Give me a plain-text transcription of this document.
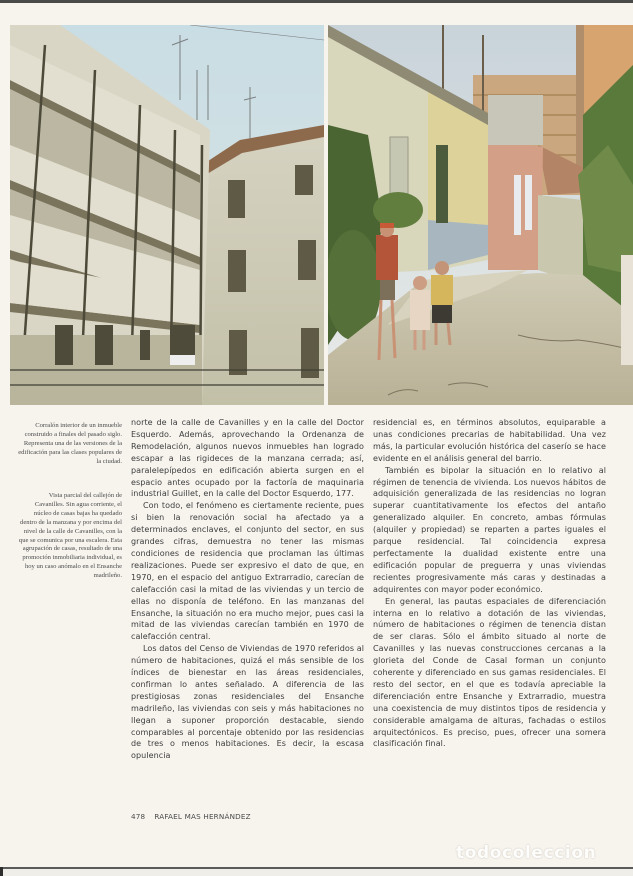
Corralón interior de un inmueble construido a finales del pasado siglo. Representa una de las versiones de la edificación para las clases populares de la ciudad.
Vista parcial del callejón de Cavanilles. Sin agua corriente, el núcleo de casas bajas ha quedado dentro de la manzana y por encima del nivel de la calle de Cavanilles, con la que se comunica por una escalera. Esta agrupación de casas, resultado de una promoción inmobiliaria individual, es hoy un caso anómalo en el Ensanche madrileño.

norte de la calle de Cavanilles y en la calle del Doctor Esquerdo. Además, aprovechando la Ordenanza de Remodelación, algunos nuevos inmuebles han logrado escapar a las rigideces de la manzana cerrada; así, paralelepípedos en edificación abierta surgen en el espacio antes ocupado por la factoría de maquinaria industrial Guillet, en la calle del Doctor Esquerdo, 177.

Con todo, el fenómeno es ciertamente reciente, pues si bien la renovación social ha afectado ya a determinados enclaves, el conjunto del sector, en sus grandes cifras, demuestra no tener las mismas condiciones de residencia que proclaman las últimas realizaciones. Puede ser expresivo el dato de que, en 1970, en el espacio del antiguo Extrarradio, carecían de calefacción casi la mitad de las viviendas y un tercio de ellas no disponía de teléfono. En las manzanas del Ensanche, la situación no era mucho mejor, pues casi la mitad de las viviendas carecían también en 1970 de calefacción central.

Los datos del Censo de Viviendas de 1970 referidos al número de habitaciones, quizá el más sensible de los índices de bienestar en las áreas residenciales, confirman lo antes señalado. A diferencia de las prestigiosas zonas residenciales del Ensanche madrileño, las viviendas con seis y más habitaciones no llegan a suponer proporción destacable, siendo comparables al porcentaje obtenido por las residencias de tres o menos habitaciones. Es decir, la escasa opulencia

residencial es, en términos absolutos, equiparable a unas condiciones precarias de habitabilidad. Una vez más, la particular evolución histórica del caserío se hace evidente en el análisis general del barrio.

También es bipolar la situación en lo relativo al régimen de tenencia de vivienda. Los nuevos hábitos de adquisición generalizada de las residencias no logran superar cuantitativamente los efectos del antaño generalizado alquiler. En concreto, ambas fórmulas (alquiler y propiedad) se reparten a partes iguales el parque residencial. Tal coincidencia expresa perfectamente la dualidad existente entre una edificación popular de preguerra y unas viviendas recientes progresivamente más caras y destinadas a adquirentes con mayor poder económico.

En general, las pautas espaciales de diferenciación interna en lo relativo a dotación de las viviendas, número de habitaciones o régimen de tenencia distan de ser claras. Sólo el ámbito situado al norte de Cavanilles y las nuevas construcciones cercanas a la glorieta del Conde de Casal forman un conjunto coherente y diferenciado en sus gamas residenciales. El resto del sector, en el que es todavía apreciable la diferenciación entre Ensanche y Extrarradio, muestra una coexistencia de muy distintos tipos de residencia y considerable amalgama de alturas, fachadas o estilos arquitectónicos. Es preciso, pues, ofrecer una somera clasificación final.

478 RAFAEL MAS HERNÁNDEZ
todocoleccion
